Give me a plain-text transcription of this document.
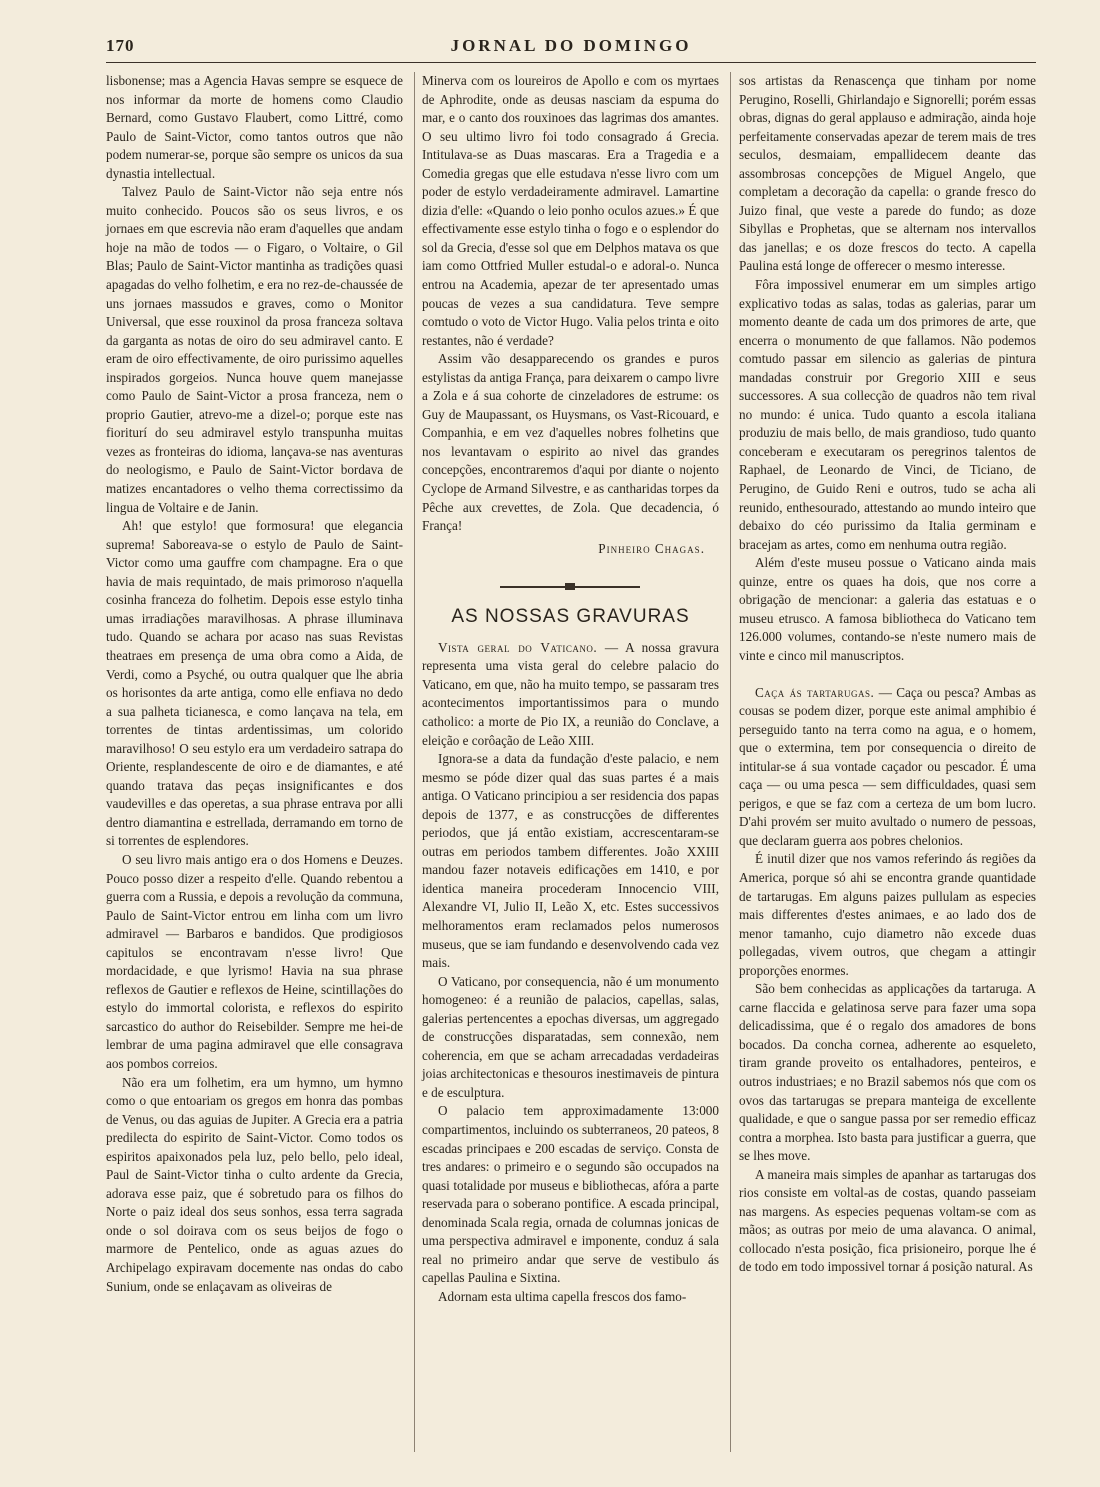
170	JORNAL DO DOMINGO

lisbonense; mas a Agencia Havas sempre se esquece de nos informar da morte de homens como Claudio Bernard, como Gustavo Flaubert, como Littré, como Paulo de Saint-Victor, como tantos outros que não podem numerar-se, porque são sempre os unicos da sua dynastia intellectual.

Talvez Paulo de Saint-Victor não seja entre nós muito conhecido. Poucos são os seus livros, e os jornaes em que escrevia não eram d'aquelles que andam hoje na mão de todos — o Figaro, o Voltaire, o Gil Blas; Paulo de Saint-Victor mantinha as tradições quasi apagadas do velho folhetim, e era no rez-de-chaussée de uns jornaes massudos e graves, como o Monitor Universal, que esse rouxinol da prosa franceza soltava da garganta as notas de oiro do seu admiravel canto. E eram de oiro effectivamente, de oiro purissimo aquelles inspirados gorgeios. Nunca houve quem manejasse como Paulo de Saint-Victor a prosa franceza, nem o proprio Gautier, atrevo-me a dizel-o; porque este nas fioriturí do seu admiravel estylo transpunha muitas vezes as fronteiras do idioma, lançava-se nas aventuras do neologismo, e Paulo de Saint-Victor bordava de matizes encantadores o velho thema correctissimo da lingua de Voltaire e de Janin.

Ah! que estylo! que formosura! que elegancia suprema! Saboreava-se o estylo de Paulo de Saint-Victor como uma gauffre com champagne. Era o que havia de mais requintado, de mais primoroso n'aquella cosinha franceza do folhetim. Depois esse estylo tinha umas irradiações maravilhosas. A phrase illuminava tudo. Quando se achara por acaso nas suas Revistas theatraes em presença de uma obra como a Aida, de Verdi, como a Psyché, ou outra qualquer que lhe abria os horisontes da arte antiga, como elle enfiava no dedo a sua palheta ticianesca, e como lançava na tela, em torrentes de tintas ardentissimas, um colorido maravilhoso! O seu estylo era um verdadeiro satrapa do Oriente, resplandescente de oiro e de diamantes, e até quando tratava das peças insignificantes e dos vaudevilles e das operetas, a sua phrase entrava por alli dentro diamantina e estrellada, derramando em torno de si torrentes de esplendores.

O seu livro mais antigo era o dos Homens e Deuzes. Pouco posso dizer a respeito d'elle. Quando rebentou a guerra com a Russia, e depois a revolução da communa, Paulo de Saint-Victor entrou em linha com um livro admiravel — Barbaros e bandidos. Que prodigiosos capitulos se encontravam n'esse livro! Que mordacidade, e que lyrismo! Havia na sua phrase reflexos de Gautier e reflexos de Heine, scintillações do estylo do immortal colorista, e reflexos do espirito sarcastico do author do Reisebilder. Sempre me hei-de lembrar de uma pagina admiravel que elle consagrava aos pombos correios.

Não era um folhetim, era um hymno, um hymno como o que entoariam os gregos em honra das pombas de Venus, ou das aguias de Jupiter. A Grecia era a patria predilecta do espirito de Saint-Victor. Como todos os espiritos apaixonados pela luz, pelo bello, pelo ideal, Paul de Saint-Victor tinha o culto ardente da Grecia, adorava esse paiz, que é sobretudo para os filhos do Norte o paiz ideal dos seus sonhos, essa terra sagrada onde o sol doirava com os seus beijos de fogo o marmore de Pentelico, onde as aguas azues do Archipelago expiravam docemente nas ondas do cabo Sunium, onde se enlaçavam as oliveiras de

Minerva com os loureiros de Apollo e com os myrtaes de Aphrodite, onde as deusas nasciam da espuma do mar, e o canto dos rouxinoes das lagrimas dos amantes. O seu ultimo livro foi todo consagrado á Grecia. Intitulava-se as Duas mascaras. Era a Tragedia e a Comedia gregas que elle estudava n'esse livro com um poder de estylo verdadeiramente admiravel. Lamartine dizia d'elle: «Quando o leio ponho oculos azues.» É que effectivamente esse estylo tinha o fogo e o esplendor do sol da Grecia, d'esse sol que em Delphos matava os que iam como Ottfried Muller estudal-o e adoral-o. Nunca entrou na Academia, apezar de ter apresentado umas poucas de vezes a sua candidatura. Teve sempre comtudo o voto de Victor Hugo. Valia pelos trinta e oito restantes, não é verdade?

Assim vão desapparecendo os grandes e puros estylistas da antiga França, para deixarem o campo livre a Zola e á sua cohorte de cinzeladores de estrume: os Guy de Maupassant, os Huysmans, os Vast-Ricouard, e Companhia, e em vez d'aquelles nobres folhetins que nos levantavam o espirito ao nivel das grandes concepções, encontraremos d'aqui por diante o nojento Cyclope de Armand Silvestre, e as cantharidas torpes da Pêche aux crevettes, de Zola. Que decadencia, ó França!

Pinheiro Chagas.
AS NOSSAS GRAVURAS

Vista geral do Vaticano. — A nossa gravura representa uma vista geral do celebre palacio do Vaticano, em que, não ha muito tempo, se passaram tres acontecimentos importantissimos para o mundo catholico: a morte de Pio IX, a reunião do Conclave, a eleição e corôação de Leão XIII.

Ignora-se a data da fundação d'este palacio, e nem mesmo se póde dizer qual das suas partes é a mais antiga. O Vaticano principiou a ser residencia dos papas depois de 1377, e as construcções de differentes periodos, que já então existiam, accrescentaram-se outras em periodos tambem differentes. João XXIII mandou fazer notaveis edificações em 1410, e por identica maneira procederam Innocencio VIII, Alexandre VI, Julio II, Leão X, etc. Estes successivos melhoramentos eram reclamados pelos numerosos museus, que se iam fundando e desenvolvendo cada vez mais.

O Vaticano, por consequencia, não é um monumento homogeneo: é a reunião de palacios, capellas, salas, galerias pertencentes a epochas diversas, um aggregado de construcções disparatadas, sem connexão, nem coherencia, em que se acham arrecadadas verdadeiras joias architectonicas e thesouros inestimaveis de pintura e de esculptura.

O palacio tem approximadamente 13:000 compartimentos, incluindo os subterraneos, 20 pateos, 8 escadas principaes e 200 escadas de serviço. Consta de tres andares: o primeiro e o segundo são occupados na quasi totalidade por museus e bibliothecas, afóra a parte reservada para o soberano pontifice. A escada principal, denominada Scala regia, ornada de columnas jonicas de uma perspectiva admiravel e imponente, conduz á sala real no primeiro andar que serve de vestibulo ás capellas Paulina e Sixtina.

Adornam esta ultima capella frescos dos famo-

sos artistas da Renascença que tinham por nome Perugino, Roselli, Ghirlandajo e Signorelli; porém essas obras, dignas do geral applauso e admiração, ainda hoje perfeitamente conservadas apezar de terem mais de tres seculos, desmaiam, empallidecem deante das assombrosas concepções de Miguel Angelo, que completam a decoração da capella: o grande fresco do Juizo final, que veste a parede do fundo; as doze Sibyllas e Prophetas, que se alternam nos intervallos das janellas; e os doze frescos do tecto. A capella Paulina está longe de offerecer o mesmo interesse.

Fôra impossivel enumerar em um simples artigo explicativo todas as salas, todas as galerias, parar um momento deante de cada um dos primores de arte, que encerra o monumento de que fallamos. Não podemos comtudo passar em silencio as galerias de pintura mandadas construir por Gregorio XIII e seus successores. A sua collecção de quadros não tem rival no mundo: é unica. Tudo quanto a escola italiana produziu de mais bello, de mais grandioso, tudo quanto conceberam e executaram os peregrinos talentos de Raphael, de Leonardo de Vinci, de Ticiano, de Perugino, de Guido Reni e outros, tudo se acha ali reunido, enthesourado, attestando ao mundo inteiro que debaixo do céo purissimo da Italia germinam e bracejam as artes, como em nenhuma outra região.

Além d'este museu possue o Vaticano ainda mais quinze, entre os quaes ha dois, que nos corre a obrigação de mencionar: a galeria das estatuas e o museu etrusco. A famosa bibliotheca do Vaticano tem 126.000 volumes, contando-se n'este numero mais de vinte e cinco mil manuscriptos.

Caça ás tartarugas. — Caça ou pesca? Ambas as cousas se podem dizer, porque este animal amphibio é perseguido tanto na terra como na agua, e o homem, que o extermina, tem por consequencia o direito de intitular-se á sua vontade caçador ou pescador. É uma caça — ou uma pesca — sem difficuldades, quasi sem perigos, e que se faz com a certeza de um bom lucro. D'ahi provém ser muito avultado o numero de pessoas, que declaram guerra aos pobres chelonios.

É inutil dizer que nos vamos referindo ás regiões da America, porque só ahi se encontra grande quantidade de tartarugas. Em alguns paizes pullulam as especies mais differentes d'estes animaes, e ao lado dos de menor tamanho, cujo diametro não excede duas pollegadas, vivem outros, que chegam a attingir proporções enormes.

São bem conhecidas as applicações da tartaruga. A carne flaccida e gelatinosa serve para fazer uma sopa delicadissima, que é o regalo dos amadores de bons bocados. Da concha cornea, adherente ao esqueleto, tiram grande proveito os entalhadores, penteiros, e outros industriaes; e no Brazil sabemos nós que com os ovos das tartarugas se prepara manteiga de excellente qualidade, e que o sangue passa por ser remedio efficaz contra a morphea. Isto basta para justificar a guerra, que se lhes move.

A maneira mais simples de apanhar as tartarugas dos rios consiste em voltal-as de costas, quando passeiam nas margens. As especies pequenas voltam-se com as mãos; as outras por meio de uma alavanca. O animal, collocado n'esta posição, fica prisioneiro, porque lhe é de todo em todo impossivel tornar á posição natural. As
